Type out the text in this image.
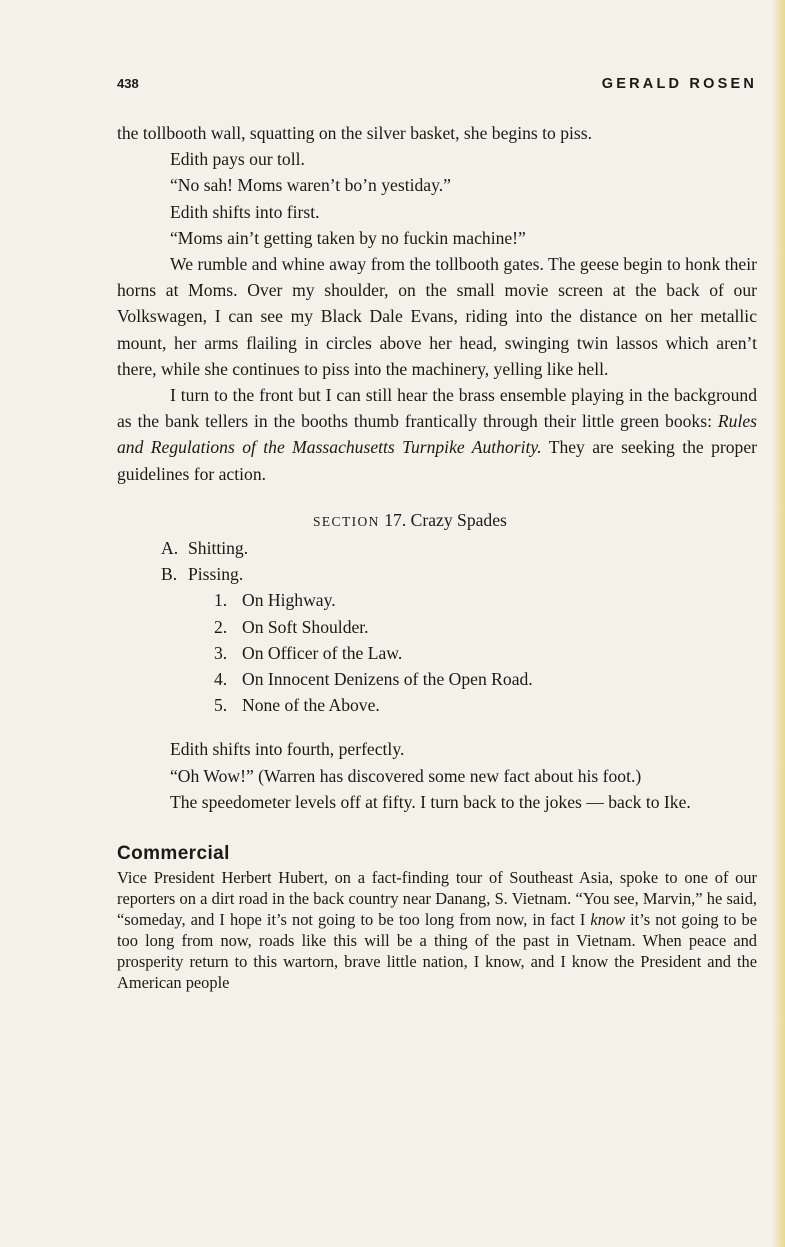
438	GERALD ROSEN

the tollbooth wall, squatting on the silver basket, she begins to piss.

Edith pays our toll.

“No sah! Moms waren’t bo’n yestiday.”

Edith shifts into first.

“Moms ain’t getting taken by no fuckin machine!”

We rumble and whine away from the tollbooth gates. The geese begin to honk their horns at Moms. Over my shoulder, on the small movie screen at the back of our Volkswagen, I can see my Black Dale Evans, riding into the distance on her metallic mount, her arms flailing in circles above her head, swinging twin lassos which aren’t there, while she continues to piss into the machinery, yelling like hell.

I turn to the front but I can still hear the brass ensemble playing in the background as the bank tellers in the booths thumb frantically through their little green books: Rules and Regulations of the Massachusetts Turnpike Authority. They are seeking the proper guidelines for action.

SECTION 17. Crazy Spades
A. Shitting.
B. Pissing.
1. On Highway.
2. On Soft Shoulder.
3. On Officer of the Law.
4. On Innocent Denizens of the Open Road.
5. None of the Above.

Edith shifts into fourth, perfectly.

“Oh Wow!” (Warren has discovered some new fact about his foot.)

The speedometer levels off at fifty. I turn back to the jokes — back to Ike.

Commercial

Vice President Herbert Hubert, on a fact-finding tour of Southeast Asia, spoke to one of our reporters on a dirt road in the back country near Danang, S. Vietnam. “You see, Marvin,” he said, “someday, and I hope it’s not going to be too long from now, in fact I know it’s not going to be too long from now, roads like this will be a thing of the past in Vietnam. When peace and prosperity return to this wartorn, brave little nation, I know, and I know the President and the American people
